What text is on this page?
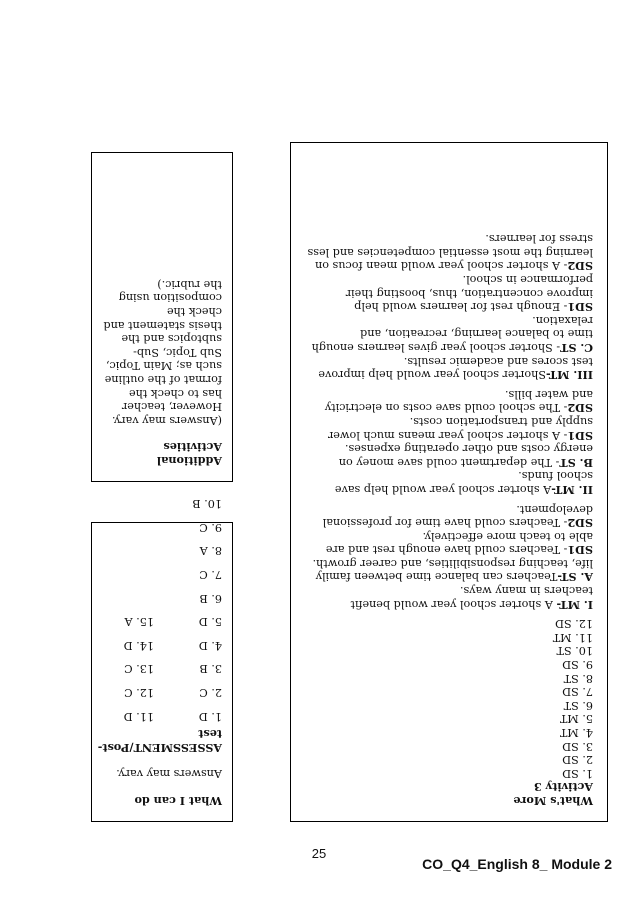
What's More

Activity 3

1. SD

2. SD

3. SD

4. MT

5. MT

6. ST

7. SD

8. ST

9. SD

10. ST

11. MT

12. SD

I. MT- A shorter school year would benefit teachers in many ways.

A. ST-Teachers can balance time between family life, teaching responsibilities, and career growth.

SD1- Teachers could have enough rest and are able to teach more effectively.

SD2- Teachers could have time for professional development.

II. MT-A shorter school year would help save school funds.

B. ST- The department could save money on energy costs and other operating expenses.

SD1- A shorter school year means much lower supply and transportation costs.

SD2- The school could save costs on electricity and water bills.

III. MT-Shorter school year would help improve test scores and academic results.

C. ST- Shorter school year gives learners enough time to balance learning, recreation, and relaxation.

SD1- Enough rest for learners would help improve concentration, thus, boosting their performance in school.

SD2- A shorter school year would mean focus on learning the most essential competencies and less stress for learners.

What I can do

Answers may vary.

ASSESSMENT/Post-test

1. D
11. D
2. C
12. C
3. B
13. C
4. D
14. D
5. D
15. A
6. B
7. C
8. A
9. C
10. B

Additional Activities

(Answers may vary. However, teacher has to check the format of the outline such as; Main Topic, Sub Topic, Sub-subtopics and the thesis statement and check the composition using the rubric.)

25
CO_Q4_English 8_ Module 2
